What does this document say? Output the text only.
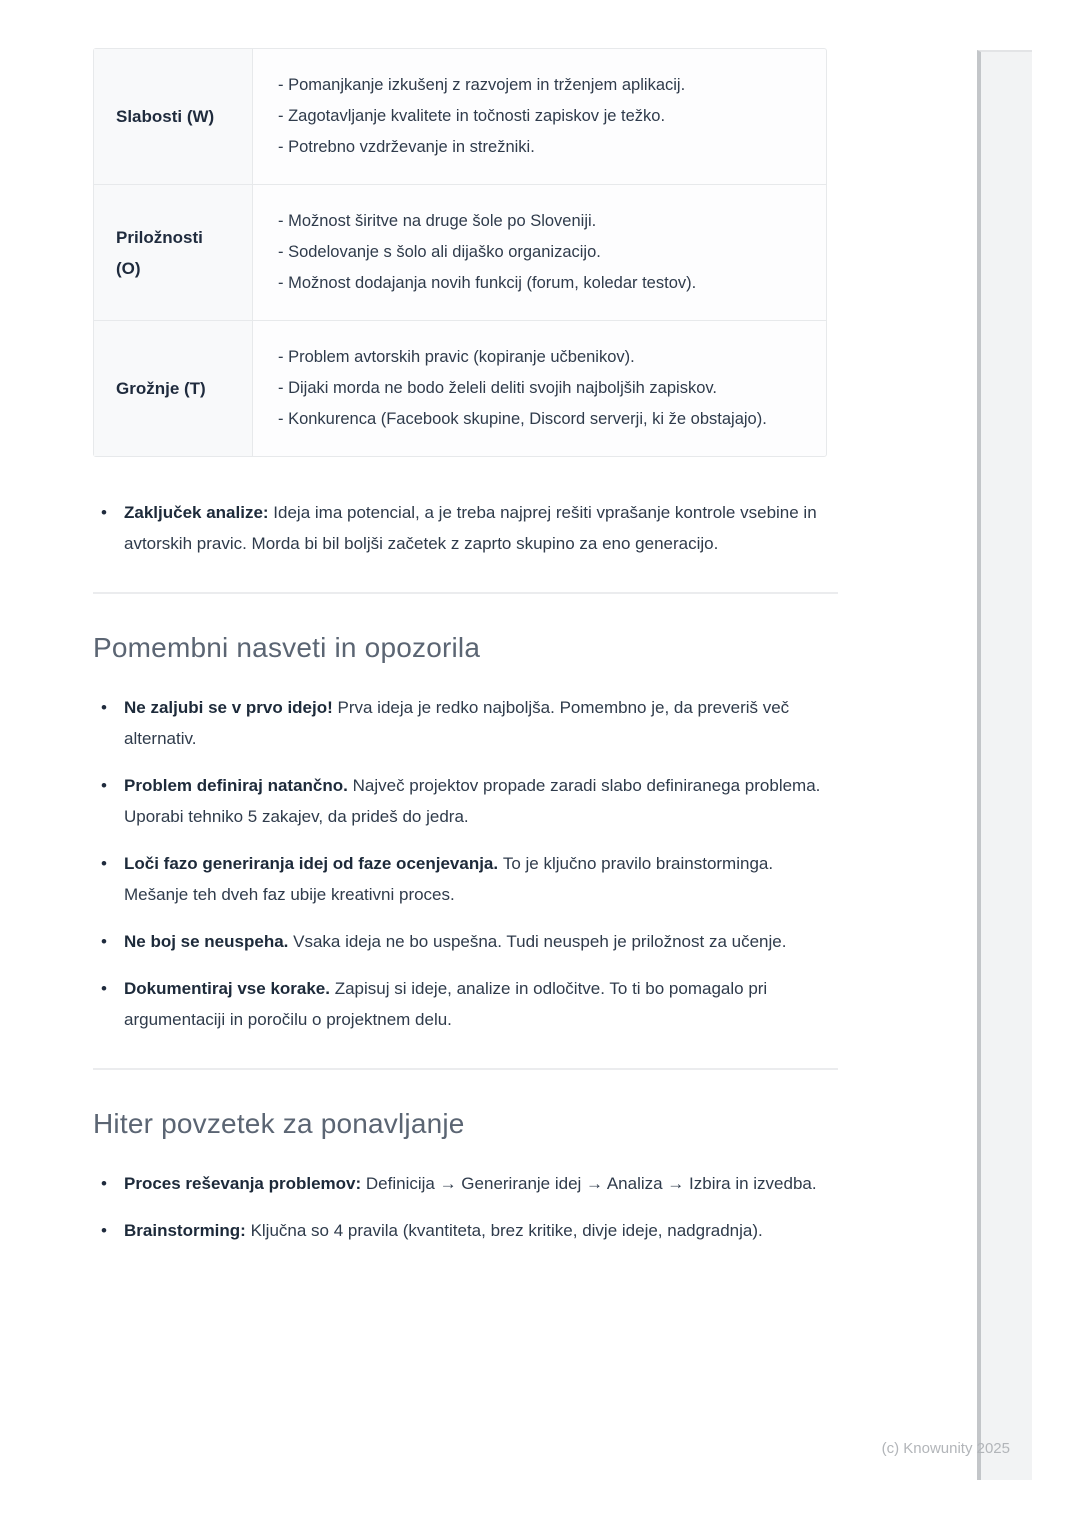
Slabosti (W)
- Pomanjkanje izkušenj z razvojem in trženjem aplikacij.
- Zagotavljanje kvalitete in točnosti zapiskov je težko.
- Potrebno vzdrževanje in strežniki.
Priložnosti (O)
- Možnost širitve na druge šole po Sloveniji.
- Sodelovanje s šolo ali dijaško organizacijo.
- Možnost dodajanja novih funkcij (forum, koledar testov).
Grožnje (T)
- Problem avtorskih pravic (kopiranje učbenikov).
- Dijaki morda ne bodo želeli deliti svojih najboljših zapiskov.
- Konkurenca (Facebook skupine, Discord serverji, ki že obstajajo).
• Zaključek analize: Ideja ima potencial, a je treba najprej rešiti vprašanje kontrole vsebine in avtorskih pravic. Morda bi bil boljši začetek z zaprto skupino za eno generacijo.
Pomembni nasveti in opozorila
• Ne zaljubi se v prvo idejo! Prva ideja je redko najboljša. Pomembno je, da preveriš več alternativ.
• Problem definiraj natančno. Največ projektov propade zaradi slabo definiranega problema. Uporabi tehniko 5 zakajev, da prideš do jedra.
• Loči fazo generiranja idej od faze ocenjevanja. To je ključno pravilo brainstorminga. Mešanje teh dveh faz ubije kreativni proces.
• Ne boj se neuspeha. Vsaka ideja ne bo uspešna. Tudi neuspeh je priložnost za učenje.
• Dokumentiraj vse korake. Zapisuj si ideje, analize in odločitve. To ti bo pomagalo pri argumentaciji in poročilu o projektnem delu.
Hiter povzetek za ponavljanje
• Proces reševanja problemov: Definicija → Generiranje idej → Analiza → Izbira in izvedba.
• Brainstorming: Ključna so 4 pravila (kvantiteta, brez kritike, divje ideje, nadgradnja).
(c) Knowunity 2025
